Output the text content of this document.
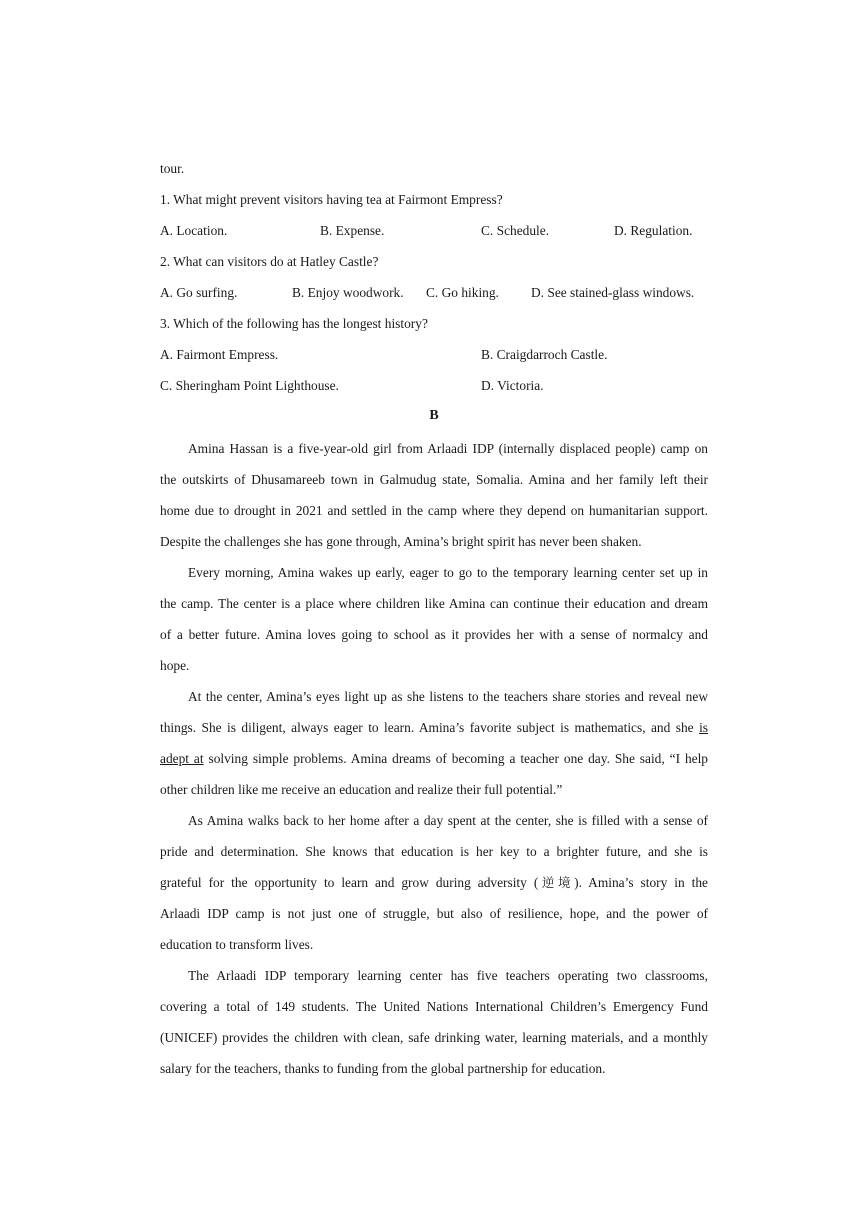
tour.
1. What might prevent visitors having tea at Fairmont Empress?
A. Location.	B. Expense.	C. Schedule.	D. Regulation.
2. What can visitors do at Hatley Castle?
A. Go surfing.	B. Enjoy woodwork. C. Go hiking. D. See stained-glass windows.
3. Which of the following has the longest history?
A. Fairmont Empress.	B. Craigdarroch Castle.
C. Sheringham Point Lighthouse.	D. Victoria.
B
Amina Hassan is a five-year-old girl from Arlaadi IDP (internally displaced people) camp on
the outskirts of Dhusamareeb town in Galmudug state, Somalia. Amina and her family left their
home due to drought in 2021 and settled in the camp where they depend on humanitarian support.
Despite the challenges she has gone through, Amina’s bright spirit has never been shaken.
Every morning, Amina wakes up early, eager to go to the temporary learning center set up in
the camp. The center is a place where children like Amina can continue their education and dream
of a better future. Amina loves going to school as it provides her with a sense of normalcy and
hope.
At the center, Amina’s eyes light up as she listens to the teachers share stories and reveal new
things. She is diligent, always eager to learn. Amina’s favorite subject is mathematics, and she is
adept at solving simple problems. Amina dreams of becoming a teacher one day. She said, “I help
other children like me receive an education and realize their full potential.”
As Amina walks back to her home after a day spent at the center, she is filled with a sense of
pride and determination. She knows that education is her key to a brighter future, and she is
grateful for the opportunity to learn and grow during adversity (逆境). Amina’s story in the
Arlaadi IDP camp is not just one of struggle, but also of resilience, hope, and the power of
education to transform lives.
The Arlaadi IDP temporary learning center has five teachers operating two classrooms,
covering a total of 149 students. The United Nations International Children’s Emergency Fund
(UNICEF) provides the children with clean, safe drinking water, learning materials, and a monthly
salary for the teachers, thanks to funding from the global partnership for education.
